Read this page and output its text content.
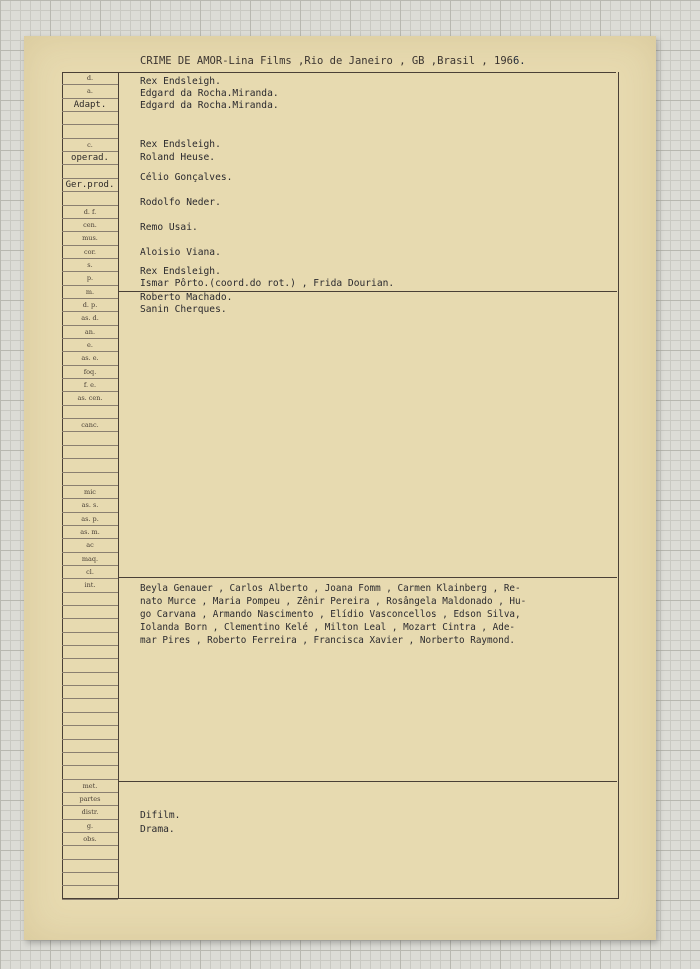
CRIME DE AMOR-Lina Films ,Rio de Janeiro , GB ,Brasil , 1966.
d.
a.
Adapt.
c.
operad.
Ger.prod.
d. f.
cen.
mus.
cor.
s.
p.
m.
d. p.
as. d.
an.
e.
as. e.
foq.
f. e.
as. cen.
canc.
mic
as. s.
as. p.
as. m.
ac
maq.
cl.
int.
met.
partes
distr.
g.
obs.
Rex Endsleigh.
Edgard da Rocha.Miranda.
Edgard da Rocha.Miranda.
Rex Endsleigh.
Roland Heuse.
Célio Gonçalves.
Rodolfo Neder.
Remo Usai.
Aloisio Viana.
Rex Endsleigh.
Ismar Pôrto.(coord.do rot.) , Frida Dourian.
Roberto Machado.
Sanin Cherques.
Beyla Genauer , Carlos Alberto , Joana Fomm , Carmen Klainberg , Re-
nato Murce , Maria Pompeu , Zênir Pereira , Rosângela Maldonado , Hu-
go Carvana , Armando Nascimento , Elídio Vasconcellos , Edson Silva,
Iolanda Born , Clementino Kelé , Milton Leal , Mozart Cintra , Ade-
mar Pires , Roberto Ferreira , Francisca Xavier , Norberto Raymond.
Difilm.
Drama.
